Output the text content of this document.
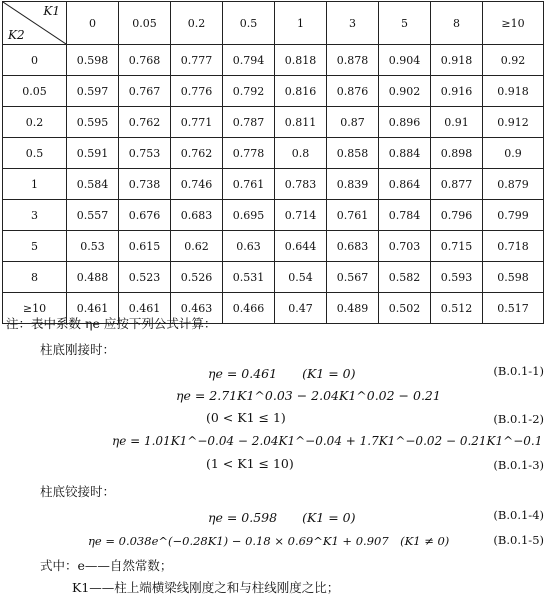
K1
K2	0	0.05	0.2	0.5	1	3	5	8	≥10
0	0.598	0.768	0.777	0.794	0.818	0.878	0.904	0.918	0.92
0.05	0.597	0.767	0.776	0.792	0.816	0.876	0.902	0.916	0.918
0.2	0.595	0.762	0.771	0.787	0.811	0.87	0.896	0.91	0.912
0.5	0.591	0.753	0.762	0.778	0.8	0.858	0.884	0.898	0.9
1	0.584	0.738	0.746	0.761	0.783	0.839	0.864	0.877	0.879
3	0.557	0.676	0.683	0.695	0.714	0.761	0.784	0.796	0.799
5	0.53	0.615	0.62	0.63	0.644	0.683	0.703	0.715	0.718
8	0.488	0.523	0.526	0.531	0.54	0.567	0.582	0.593	0.598
≥10	0.461	0.461	0.463	0.466	0.47	0.489	0.502	0.512	0.517
注：表中系数 ηe 应按下列公式计算：
柱底刚接时：
ηe = 0.461　　(K1 = 0)	(B.0.1-1)
ηe = 2.71K1^0.03 − 2.04K1^0.02 − 0.21
(0 < K1 ≤ 1)	(B.0.1-2)
ηe = 1.01K1^−0.04 − 2.04K1^−0.04 + 1.7K1^−0.02 − 0.21K1^−0.1
(1 < K1 ≤ 10)	(B.0.1-3)
柱底铰接时：
ηe = 0.598　　(K1 = 0)	(B.0.1-4)
ηe = 0.038e^(−0.28K1) − 0.18 × 0.69^K1 + 0.907　(K1 ≠ 0)	(B.0.1-5)
式中：e——自然常数；
K1——柱上端横梁线刚度之和与柱线刚度之比；
